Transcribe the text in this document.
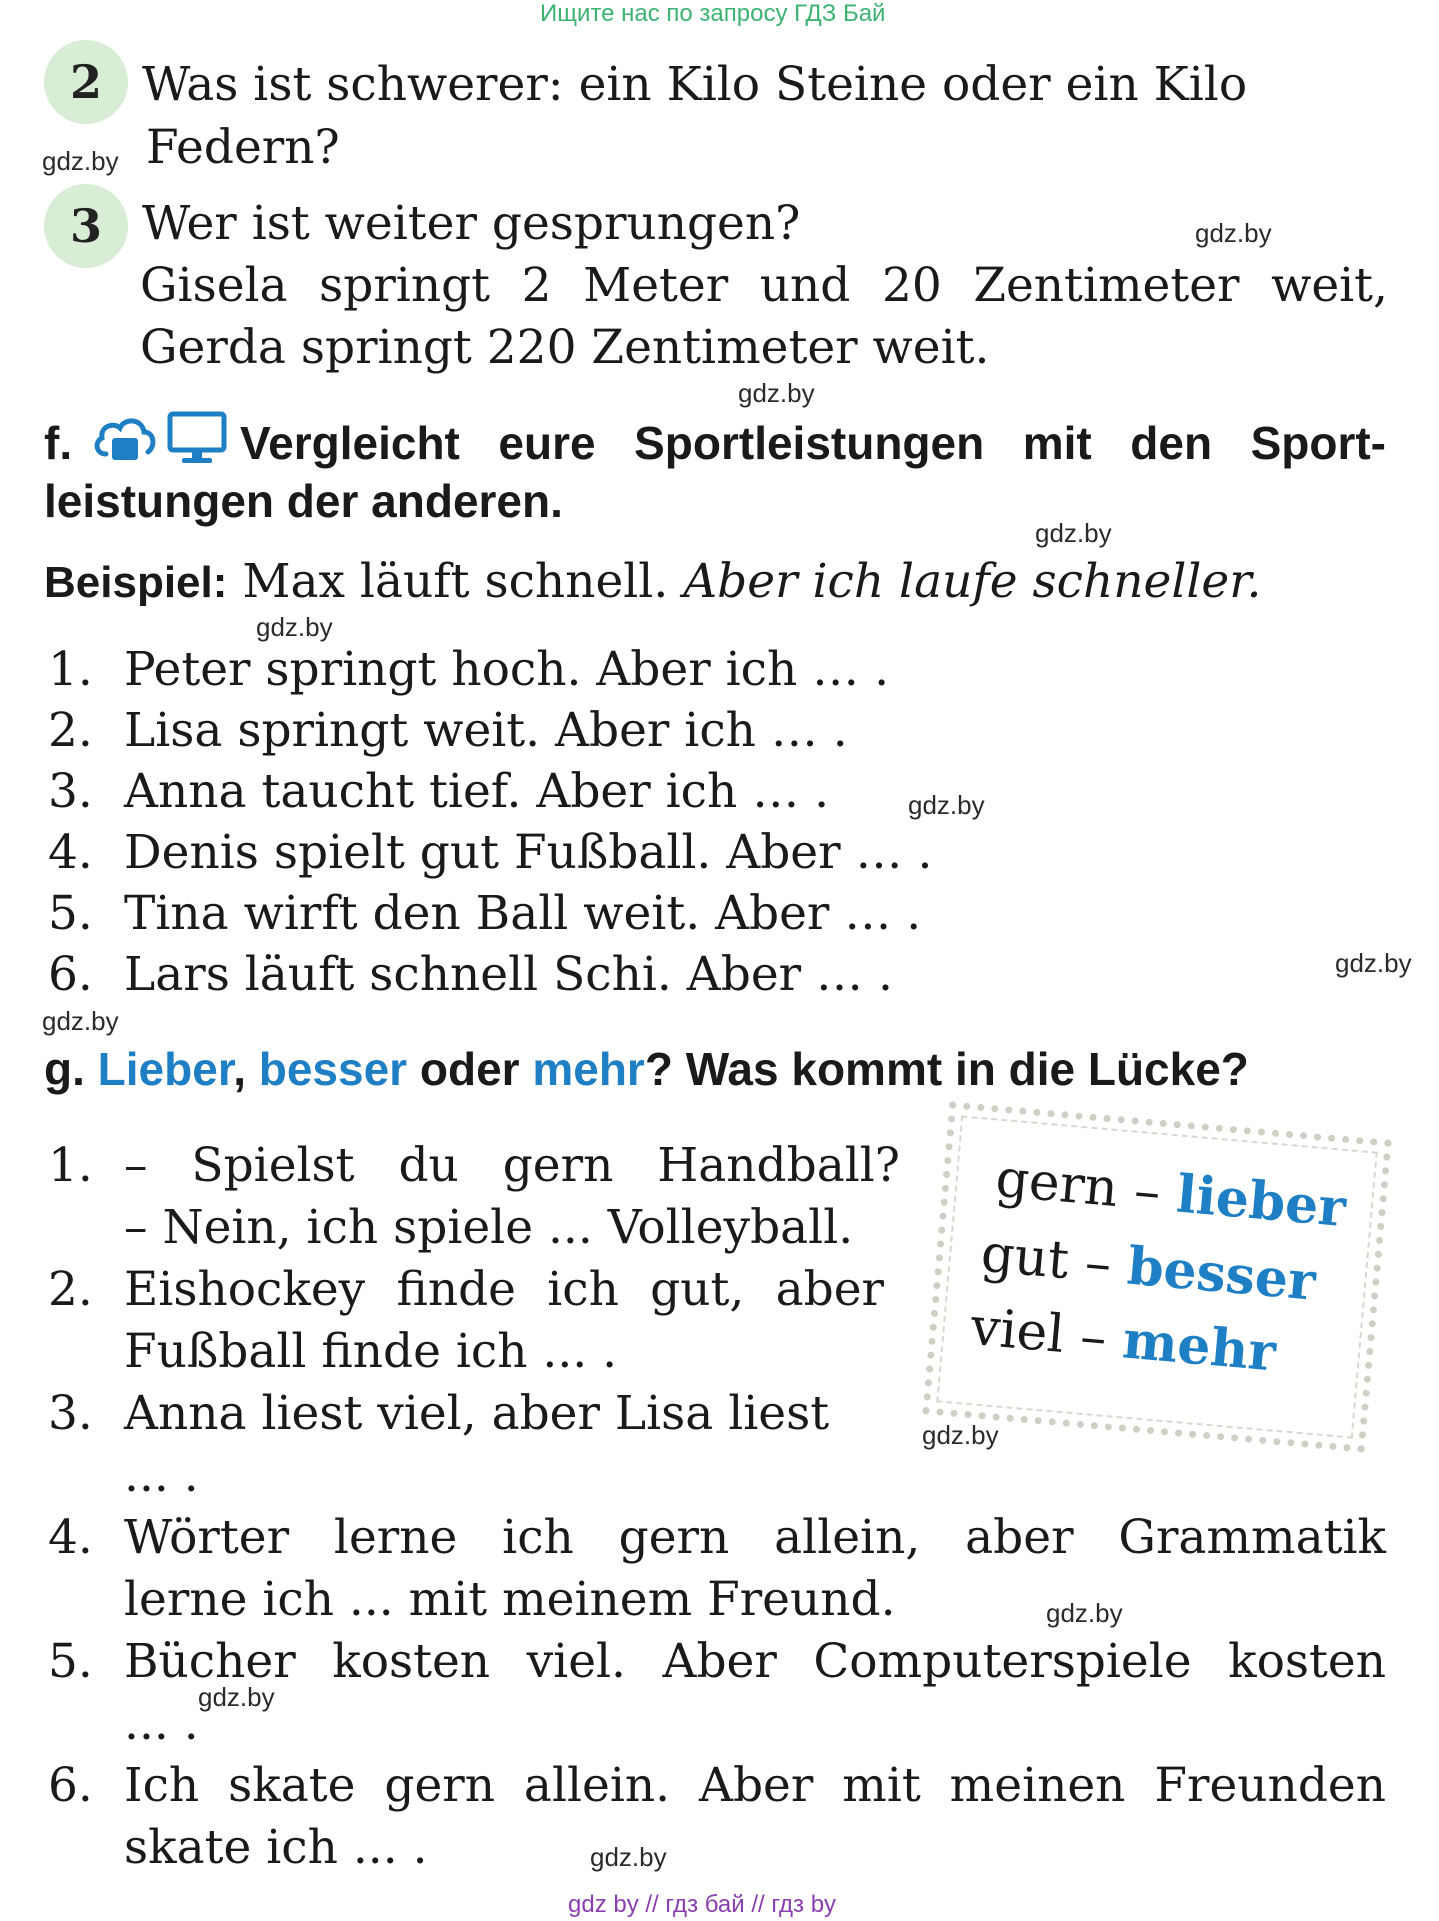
Ищите нас по запросу ГДЗ Бай
2 Was ist schwerer: ein Kilo Steine oder ein Kilo
Federn?
gdz.by
3 Wer ist weiter gesprungen?	gdz.by
Gisela springt 2 Meter und 20 Zentimeter weit,
Gerda springt 220 Zentimeter weit.
gdz.by
f.	Vergleicht eure Sportleistungen mit den Sport-
leistungen der anderen.
gdz.by
Beispiel: Max läuft schnell. Aber ich laufe schneller.
gdz.by
1. Peter springt hoch. Aber ich … .
2. Lisa springt weit. Aber ich … .
3. Anna taucht tief. Aber ich … .	gdz.by
4. Denis spielt gut Fußball. Aber … .
5. Tina wirft den Ball weit. Aber … .
gdz.by
6. Lars läuft schnell Schi. Aber … .
gdz.by
g. Lieber, besser oder mehr? Was kommt in die Lücke?
1. – Spielst du gern Handball?
– Nein, ich spiele ... Volleyball.
2. Eishockey finde ich gut, aber
Fußball finde ich ... .
3. Anna liest viel, aber Lisa liest
... .
gdz.by
gern – lieber
gut – besser
viel – mehr
4. Wörter lerne ich gern allein, aber Grammatik
lerne ich ... mit meinem Freund.	gdz.by
5. Bücher kosten viel. Aber Computerspiele kosten
... . gdz.by
6. Ich skate gern allein. Aber mit meinen Freunden
skate ich ... .	gdz.by
gdz by // гдз бай // гдз by
